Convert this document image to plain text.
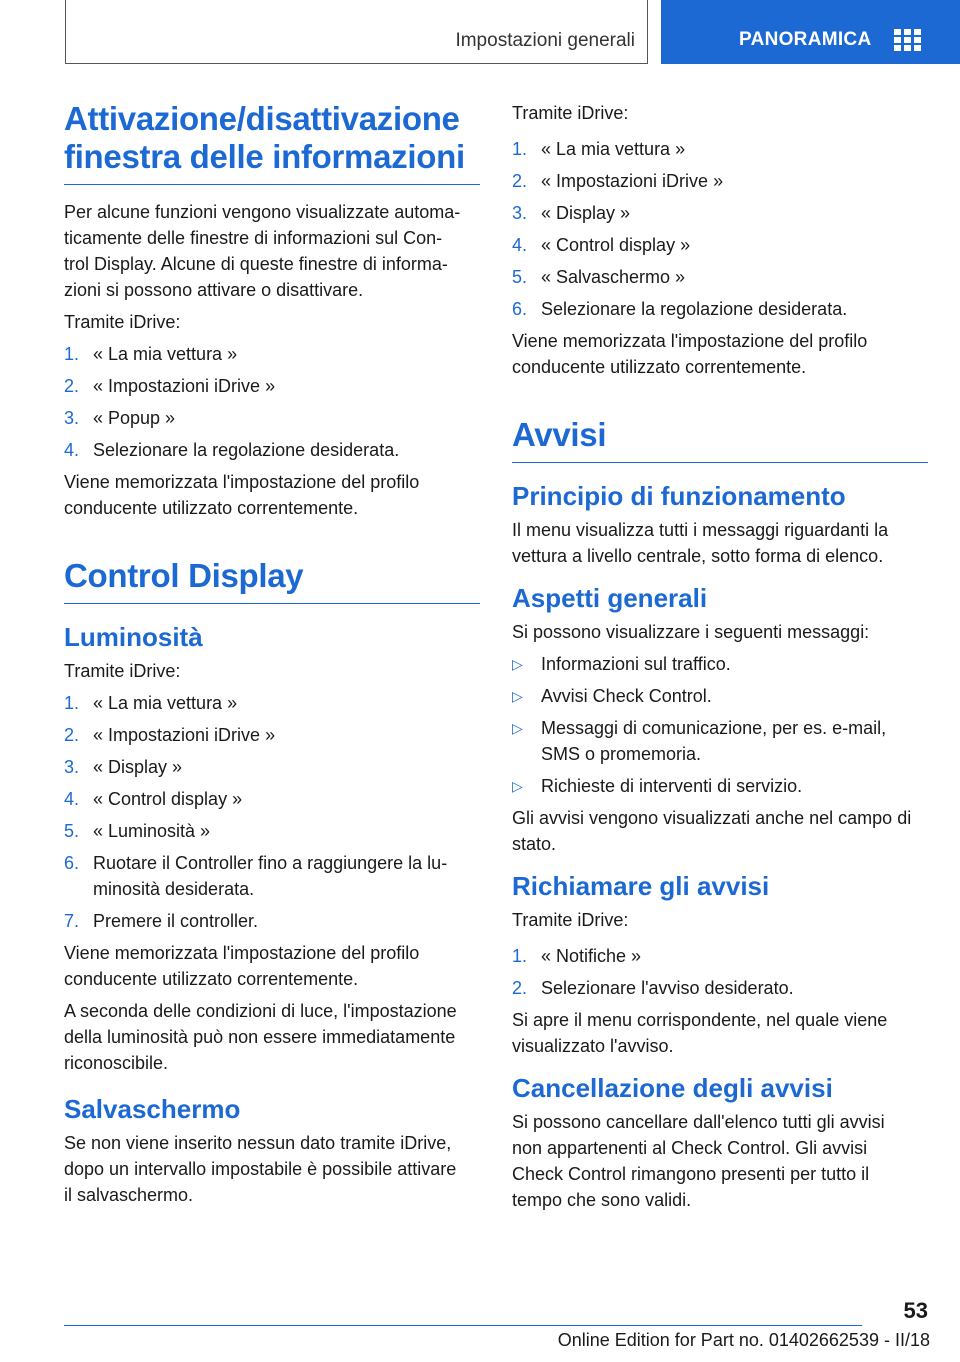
Impostazioni generali	PANORAMICA
Attivazione/disattivazione
finestra delle informazioni

Per alcune funzioni vengono visualizzate automa-
ticamente delle finestre di informazioni sul Con-
trol Display. Alcune di queste finestre di informa-
zioni si possono attivare o disattivare.

Tramite iDrive:

1. « La mia vettura »
2. « Impostazioni iDrive »
3. « Popup »
4. Selezionare la regolazione desiderata.

Viene memorizzata l'impostazione del profilo
conducente utilizzato correntemente.

Control Display
Luminosità

Tramite iDrive:

1. « La mia vettura »
2. « Impostazioni iDrive »
3. « Display »
4. « Control display »
5. « Luminosità »
6. Ruotare il Controller fino a raggiungere la lu-
minosità desiderata.
7. Premere il controller.

Viene memorizzata l'impostazione del profilo
conducente utilizzato correntemente.

A seconda delle condizioni di luce, l'impostazione
della luminosità può non essere immediatamente
riconoscibile.

Salvaschermo

Se non viene inserito nessun dato tramite iDrive,
dopo un intervallo impostabile è possibile attivare
il salvaschermo.

Tramite iDrive:

1. « La mia vettura »
2. « Impostazioni iDrive »
3. « Display »
4. « Control display »
5. « Salvaschermo »
6. Selezionare la regolazione desiderata.

Viene memorizzata l'impostazione del profilo
conducente utilizzato correntemente.

Avvisi
Principio di funzionamento

Il menu visualizza tutti i messaggi riguardanti la
vettura a livello centrale, sotto forma di elenco.

Aspetti generali

Si possono visualizzare i seguenti messaggi:

▷	Informazioni sul traffico.
▷	Avvisi Check Control.
▷	Messaggi di comunicazione, per es. e-mail,
SMS o promemoria.
▷	Richieste di interventi di servizio.

Gli avvisi vengono visualizzati anche nel campo di
stato.

Richiamare gli avvisi

Tramite iDrive:

1. « Notifiche »
2. Selezionare l'avviso desiderato.

Si apre il menu corrispondente, nel quale viene
visualizzato l'avviso.

Cancellazione degli avvisi

Si possono cancellare dall'elenco tutti gli avvisi
non appartenenti al Check Control. Gli avvisi
Check Control rimangono presenti per tutto il
tempo che sono validi.

53
Online Edition for Part no. 01402662539 - II/18
